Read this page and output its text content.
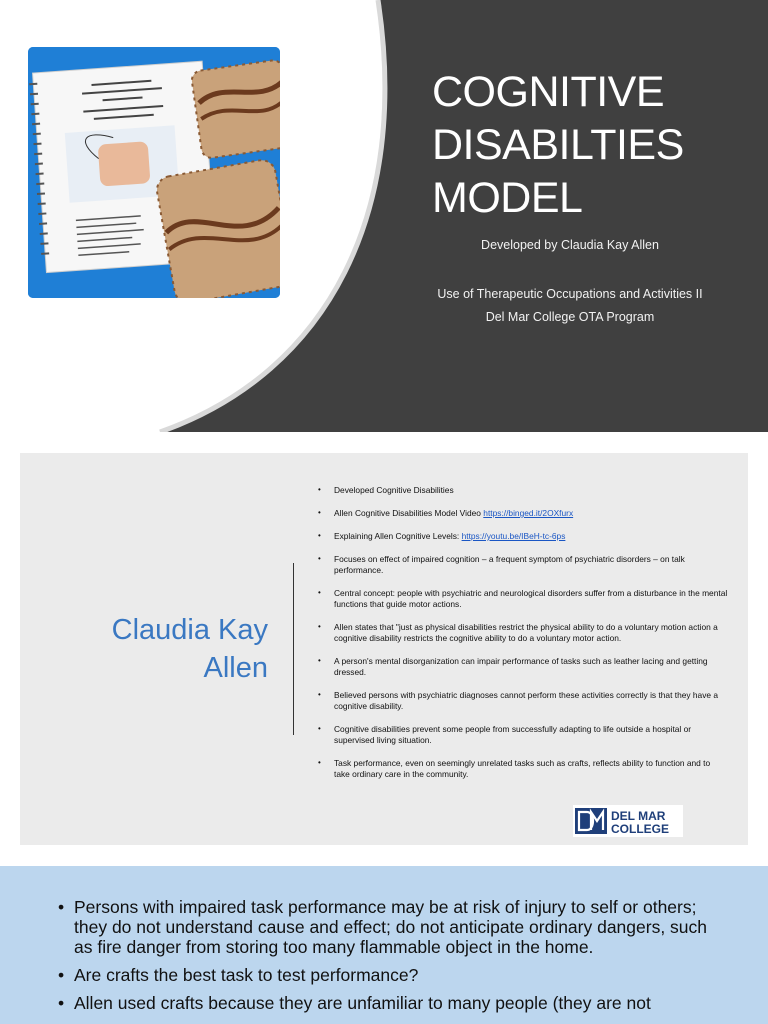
COGNITIVE
DISABILTIES
MODEL
Developed by Claudia Kay Allen
Use of Therapeutic Occupations and Activities II
Del Mar College OTA Program
Claudia Kay
Allen
• Developed Cognitive Disabilities
• Allen Cognitive Disabilities Model Video https://binged.it/2OXfurx
• Explaining Allen Cognitive Levels: https://youtu.be/IBeH-tc-6ps
• Focuses on effect of impaired cognition – a frequent symptom of psychiatric disorders – on talk performance.
• Central concept: people with psychiatric and neurological disorders suffer from a disturbance in the mental functions that guide motor actions.
• Allen states that "just as physical disabilities restrict the physical ability to do a voluntary motion action a cognitive disability restricts the cognitive ability to do a voluntary motor action.
• A person's mental disorganization can impair performance of tasks such as leather lacing and getting dressed.
• Believed persons with psychiatric diagnoses cannot perform these activities correctly is that they have a cognitive disability.
• Cognitive disabilities prevent some people from successfully adapting to life outside a hospital or supervised living situation.
• Task performance, even on seemingly unrelated tasks such as crafts, reflects ability to function and to take ordinary care in the community.
DEL MAR
COLLEGE
• Persons with impaired task performance may be at risk of injury to self or others; they do not understand cause and effect; do not anticipate ordinary dangers, such as fire danger from storing too many flammable object in the home.
• Are crafts the best task to test performance?
• Allen used crafts because they are unfamiliar to many people (they are not
